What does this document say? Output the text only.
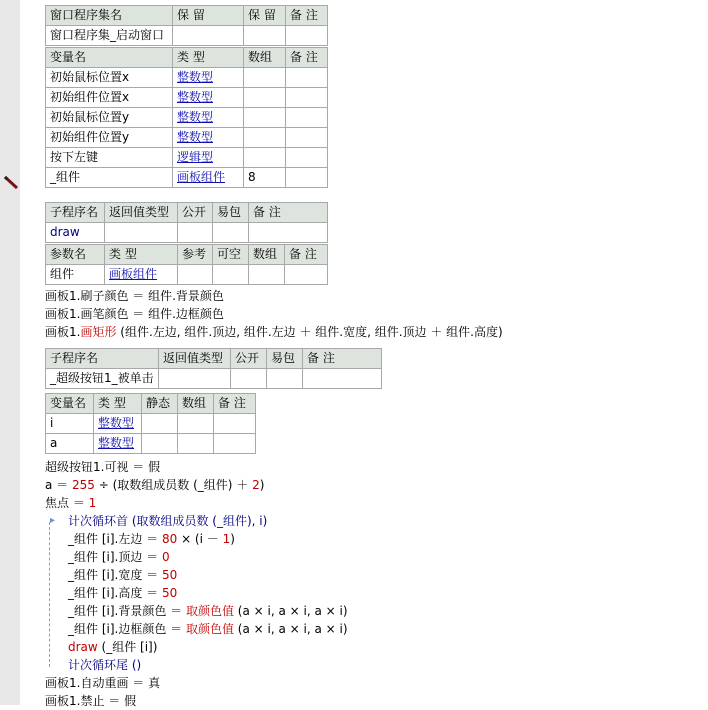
窗口程序集名	保 留	保 留	备 注
窗口程序集_启动窗口			
变量名	类 型	数组	备 注
初始鼠标位置x	整数型		
初始组件位置x	整数型		
初始鼠标位置y	整数型		
初始组件位置y	整数型		
按下左键	逻辑型		
_组件	画板组件	8	
子程序名	返回值类型	公开	易包	备 注
draw				
参数名	类 型	参考	可空	数组	备 注
组件	画板组件				
画板1.刷子颜色 ＝ 组件.背景颜色
画板1.画笔颜色 ＝ 组件.边框颜色
画板1.画矩形 (组件.左边, 组件.顶边, 组件.左边 ＋ 组件.宽度, 组件.顶边 ＋ 组件.高度)
子程序名	返回值类型	公开	易包	备 注
_超级按钮1_被单击				
变量名	类 型	静态	数组	备 注
i	整数型			
a	整数型			
超级按钮1.可视 ＝ 假
a ＝ 255 ÷ (取数组成员数 (_组件) ＋ 2)
焦点 ＝ 1
▸ 计次循环首 (取数组成员数 (_组件), i)
_组件 [i].左边 ＝ 80 × (i － 1)
_组件 [i].顶边 ＝ 0
_组件 [i].宽度 ＝ 50
_组件 [i].高度 ＝ 50
_组件 [i].背景颜色 ＝ 取颜色值 (a × i, a × i, a × i)
_组件 [i].边框颜色 ＝ 取颜色值 (a × i, a × i, a × i)
draw (_组件 [i])
计次循环尾 ()
画板1.自动重画 ＝ 真
画板1.禁止 ＝ 假
